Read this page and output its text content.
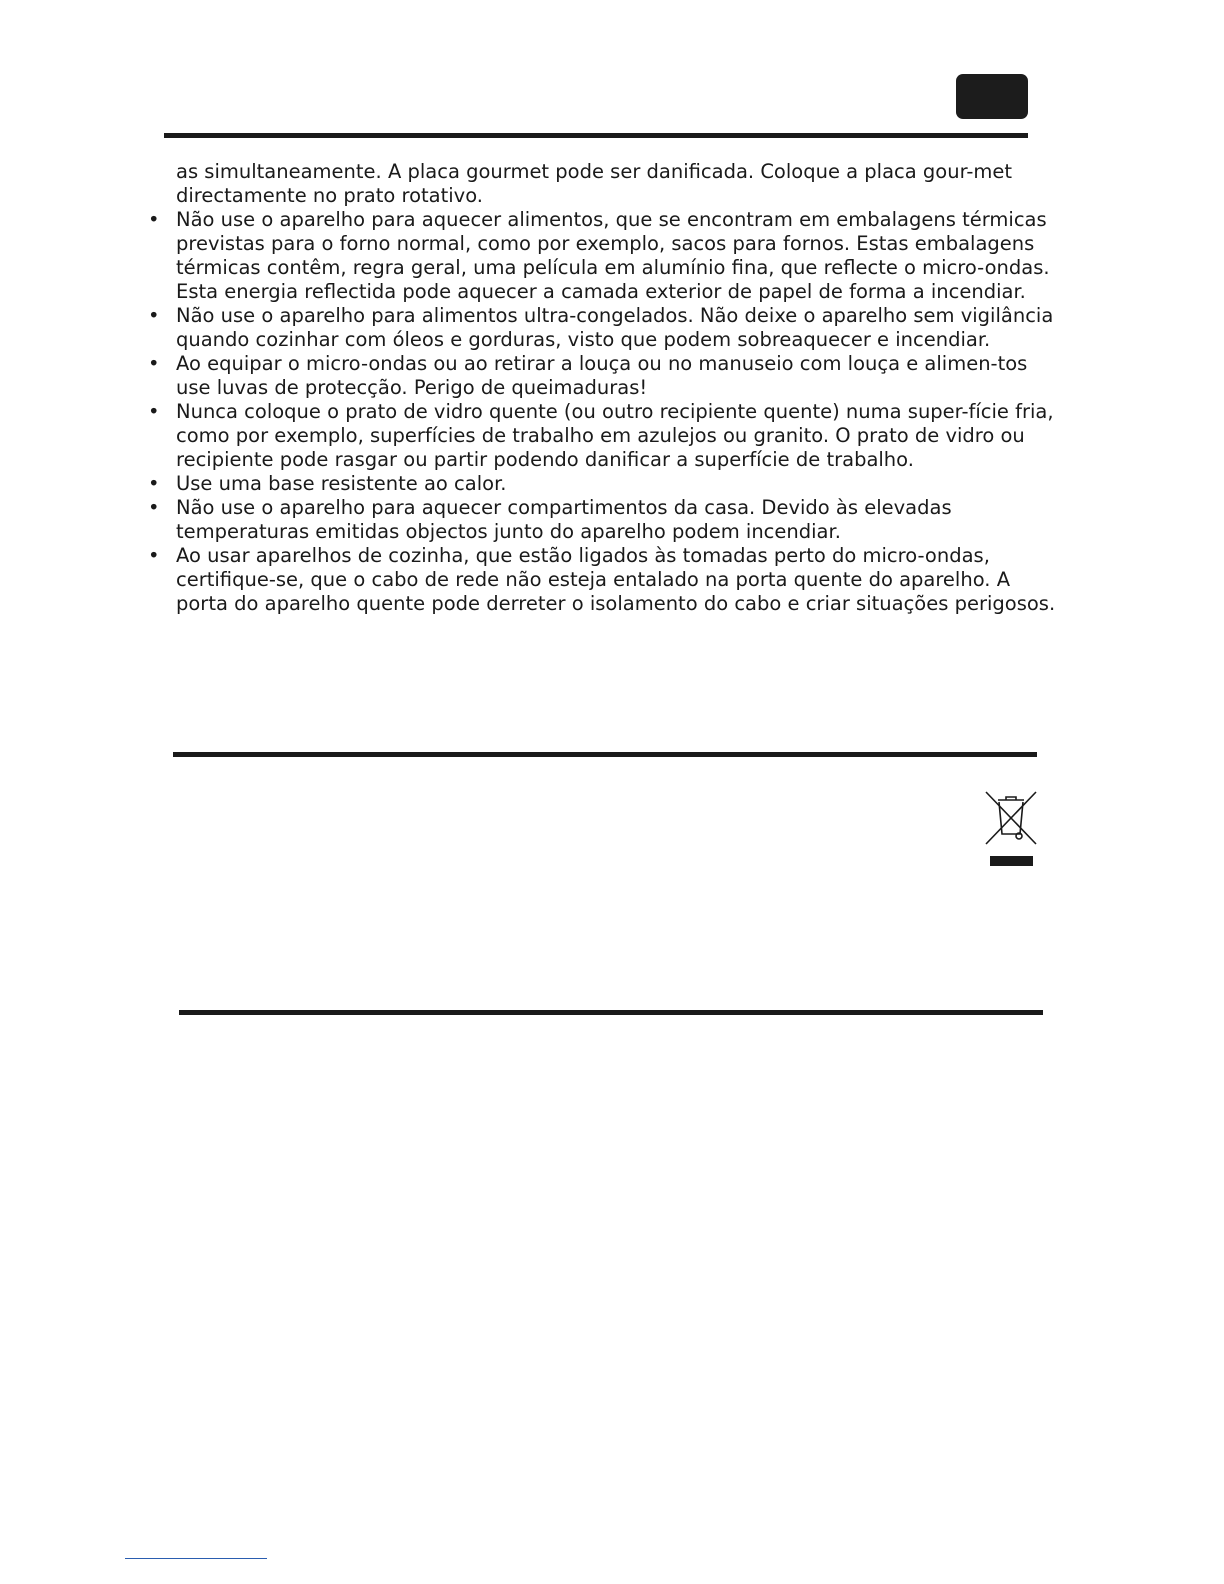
as simultaneamente. A placa gourmet pode ser danificada. Coloque a placa gour-met directamente no prato rotativo.

• Não use o aparelho para aquecer alimentos, que se encontram em embalagens térmicas previstas para o forno normal, como por exemplo, sacos para fornos. Estas embalagens térmicas contêm, regra geral, uma película em alumínio fina, que reflecte o micro-ondas. Esta energia reflectida pode aquecer a camada exterior de papel de forma a incendiar.
• Não use o aparelho para alimentos ultra-congelados. Não deixe o aparelho sem vigilância quando cozinhar com óleos e gorduras, visto que podem sobreaquecer e incendiar.
• Ao equipar o micro-ondas ou ao retirar a louça ou no manuseio com louça e alimen-tos use luvas de protecção. Perigo de queimaduras!
• Nunca coloque o prato de vidro quente (ou outro recipiente quente) numa super-fície fria, como por exemplo, superfícies de trabalho em azulejos ou granito. O prato de vidro ou recipiente pode rasgar ou partir podendo danificar a superfície de trabalho.
• Use uma base resistente ao calor.
• Não use o aparelho para aquecer compartimentos da casa. Devido às elevadas temperaturas emitidas objectos junto do aparelho podem incendiar.
• Ao usar aparelhos de cozinha, que estão ligados às tomadas perto do micro-ondas, certifique-se, que o cabo de rede não esteja entalado na porta quente do aparelho. A porta do aparelho quente pode derreter o isolamento do cabo e criar situações perigosos.
